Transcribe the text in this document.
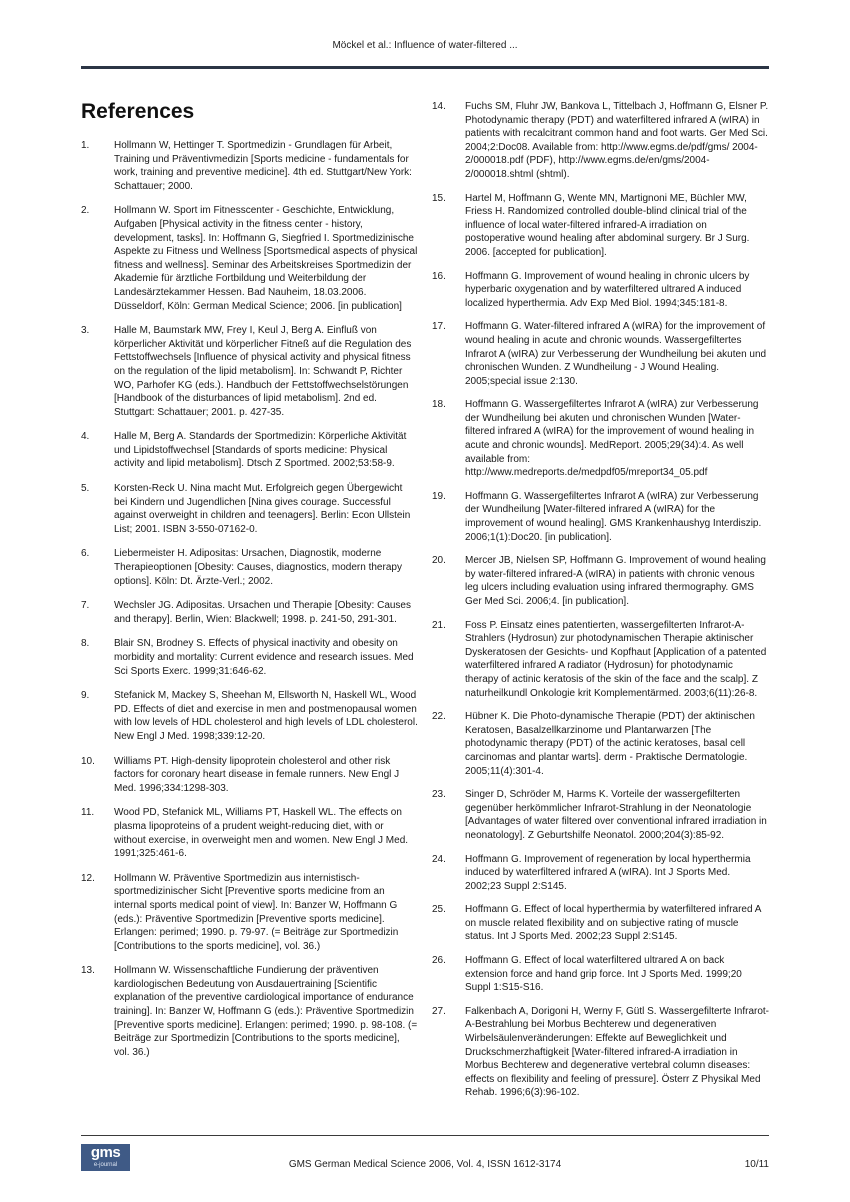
Möckel et al.: Influence of water-filtered ...
References
1.	Hollmann W, Hettinger T. Sportmedizin - Grundlagen für Arbeit, Training und Präventivmedizin [Sports medicine - fundamentals for work, training and preventive medicine]. 4th ed. Stuttgart/New York: Schattauer; 2000.
2.	Hollmann W. Sport im Fitnesscenter - Geschichte, Entwicklung, Aufgaben [Physical activity in the fitness center - history, development, tasks]. In: Hoffmann G, Siegfried I. Sportmedizinische Aspekte zu Fitness und Wellness [Sportsmedical aspects of physical fitness and wellness]. Seminar des Arbeitskreises Sportmedizin der Akademie für ärztliche Fortbildung und Weiterbildung der Landesärztekammer Hessen. Bad Nauheim, 18.03.2006. Düsseldorf, Köln: German Medical Science; 2006. [in publication]
3.	Halle M, Baumstark MW, Frey I, Keul J, Berg A. Einfluß von körperlicher Aktivität und körperlicher Fitneß auf die Regulation des Fettstoffwechsels [Influence of physical activity and physical fitness on the regulation of the lipid metabolism]. In: Schwandt P, Richter WO, Parhofer KG (eds.). Handbuch der Fettstoffwechselstörungen [Handbook of the disturbances of lipid metabolism]. 2nd ed. Stuttgart: Schattauer; 2001. p. 427-35.
4.	Halle M, Berg A. Standards der Sportmedizin: Körperliche Aktivität und Lipidstoffwechsel [Standards of sports medicine: Physical activity and lipid metabolism]. Dtsch Z Sportmed. 2002;53:58-9.
5.	Korsten-Reck U. Nina macht Mut. Erfolgreich gegen Übergewicht bei Kindern und Jugendlichen [Nina gives courage. Successful against overweight in children and teenagers]. Berlin: Econ Ullstein List; 2001. ISBN 3-550-07162-0.
6.	Liebermeister H. Adipositas: Ursachen, Diagnostik, moderne Therapieoptionen [Obesity: Causes, diagnostics, modern therapy options]. Köln: Dt. Ärzte-Verl.; 2002.
7.	Wechsler JG. Adipositas. Ursachen und Therapie [Obesity: Causes and therapy]. Berlin, Wien: Blackwell; 1998. p. 241-50, 291-301.
8.	Blair SN, Brodney S. Effects of physical inactivity and obesity on morbidity and mortality: Current evidence and research issues. Med Sci Sports Exerc. 1999;31:646-62.
9.	Stefanick M, Mackey S, Sheehan M, Ellsworth N, Haskell WL, Wood PD. Effects of diet and exercise in men and postmenopausal women with low levels of HDL cholesterol and high levels of LDL cholesterol. New Engl J Med. 1998;339:12-20.
10.	Williams PT. High-density lipoprotein cholesterol and other risk factors for coronary heart disease in female runners. New Engl J Med. 1996;334:1298-303.
11.	Wood PD, Stefanick ML, Williams PT, Haskell WL. The effects on plasma lipoproteins of a prudent weight-reducing diet, with or without exercise, in overweight men and women. New Engl J Med. 1991;325:461-6.
12.	Hollmann W. Präventive Sportmedizin aus internistisch-sportmedizinischer Sicht [Preventive sports medicine from an internal sports medical point of view]. In: Banzer W, Hoffmann G (eds.): Präventive Sportmedizin [Preventive sports medicine]. Erlangen: perimed; 1990. p. 79-97. (= Beiträge zur Sportmedizin [Contributions to the sports medicine], vol. 36.)
13.	Hollmann W. Wissenschaftliche Fundierung der präventiven kardiologischen Bedeutung von Ausdauertraining [Scientific explanation of the preventive cardiological importance of endurance training]. In: Banzer W, Hoffmann G (eds.): Präventive Sportmedizin [Preventive sports medicine]. Erlangen: perimed; 1990. p. 98-108. (= Beiträge zur Sportmedizin [Contributions to the sports medicine], vol. 36.)
14.	Fuchs SM, Fluhr JW, Bankova L, Tittelbach J, Hoffmann G, Elsner P. Photodynamic therapy (PDT) and waterfiltered infrared A (wIRA) in patients with recalcitrant common hand and foot warts. Ger Med Sci. 2004;2:Doc08. Available from: http://www.egms.de/pdf/gms/ 2004-2/000018.pdf (PDF), http://www.egms.de/en/gms/2004-2/000018.shtml (shtml).
15.	Hartel M, Hoffmann G, Wente MN, Martignoni ME, Büchler MW, Friess H. Randomized controlled double-blind clinical trial of the influence of local water-filtered infrared-A irradiation on postoperative wound healing after abdominal surgery. Br J Surg. 2006. [accepted for publication].
16.	Hoffmann G. Improvement of wound healing in chronic ulcers by hyperbaric oxygenation and by waterfiltered ultrared A induced localized hyperthermia. Adv Exp Med Biol. 1994;345:181-8.
17.	Hoffmann G. Water-filtered infrared A (wIRA) for the improvement of wound healing in acute and chronic wounds. Wassergefiltertes Infrarot A (wIRA) zur Verbesserung der Wundheilung bei akuten und chronischen Wunden. Z Wundheilung - J Wound Healing. 2005;special issue 2:130.
18.	Hoffmann G. Wassergefiltertes Infrarot A (wIRA) zur Verbesserung der Wundheilung bei akuten und chronischen Wunden [Water-filtered infrared A (wIRA) for the improvement of wound healing in acute and chronic wounds]. MedReport. 2005;29(34):4. As well available from: http://www.medreports.de/medpdf05/mreport34_05.pdf
19.	Hoffmann G. Wassergefiltertes Infrarot A (wIRA) zur Verbesserung der Wundheilung [Water-filtered infrared A (wIRA) for the improvement of wound healing]. GMS Krankenhaushyg Interdiszip. 2006;1(1):Doc20. [in publication].
20.	Mercer JB, Nielsen SP, Hoffmann G. Improvement of wound healing by water-filtered infrared-A (wIRA) in patients with chronic venous leg ulcers including evaluation using infrared thermography. GMS Ger Med Sci. 2006;4. [in publication].
21.	Foss P. Einsatz eines patentierten, wassergefilterten Infrarot-A-Strahlers (Hydrosun) zur photodynamischen Therapie aktinischer Dyskeratosen der Gesichts- und Kopfhaut [Application of a patented waterfiltered infrared A radiator (Hydrosun) for photodynamic therapy of actinic keratosis of the skin of the face and the scalp]. Z naturheilkundl Onkologie krit Komplementärmed. 2003;6(11):26-8.
22.	Hübner K. Die Photo-dynamische Therapie (PDT) der aktinischen Keratosen, Basalzellkarzinome und Plantarwarzen [The photodynamic therapy (PDT) of the actinic keratoses, basal cell carcinomas and plantar warts]. derm - Praktische Dermatologie. 2005;11(4):301-4.
23.	Singer D, Schröder M, Harms K. Vorteile der wassergefilterten gegenüber herkömmlicher Infrarot-Strahlung in der Neonatologie [Advantages of water filtered over conventional infrared irradiation in neonatology]. Z Geburtshilfe Neonatol. 2000;204(3):85-92.
24.	Hoffmann G. Improvement of regeneration by local hyperthermia induced by waterfiltered infrared A (wIRA). Int J Sports Med. 2002;23 Suppl 2:S145.
25.	Hoffmann G. Effect of local hyperthermia by waterfiltered infrared A on muscle related flexibility and on subjective rating of muscle status. Int J Sports Med. 2002;23 Suppl 2:S145.
26.	Hoffmann G. Effect of local waterfiltered ultrared A on back extension force and hand grip force. Int J Sports Med. 1999;20 Suppl 1:S15-S16.
27.	Falkenbach A, Dorigoni H, Werny F, Gütl S. Wassergefilterte Infrarot-A-Bestrahlung bei Morbus Bechterew und degenerativen Wirbelsäulenveränderungen: Effekte auf Beweglichkeit und Druckschmerzhaftigkeit [Water-filtered infrared-A irradiation in Morbus Bechterew and degenerative vertebral column diseases: effects on flexibility and feeling of pressure]. Österr Z Physikal Med Rehab. 1996;6(3):96-102.
gms
e-journal	GMS German Medical Science 2006, Vol. 4, ISSN 1612-3174	10/11
